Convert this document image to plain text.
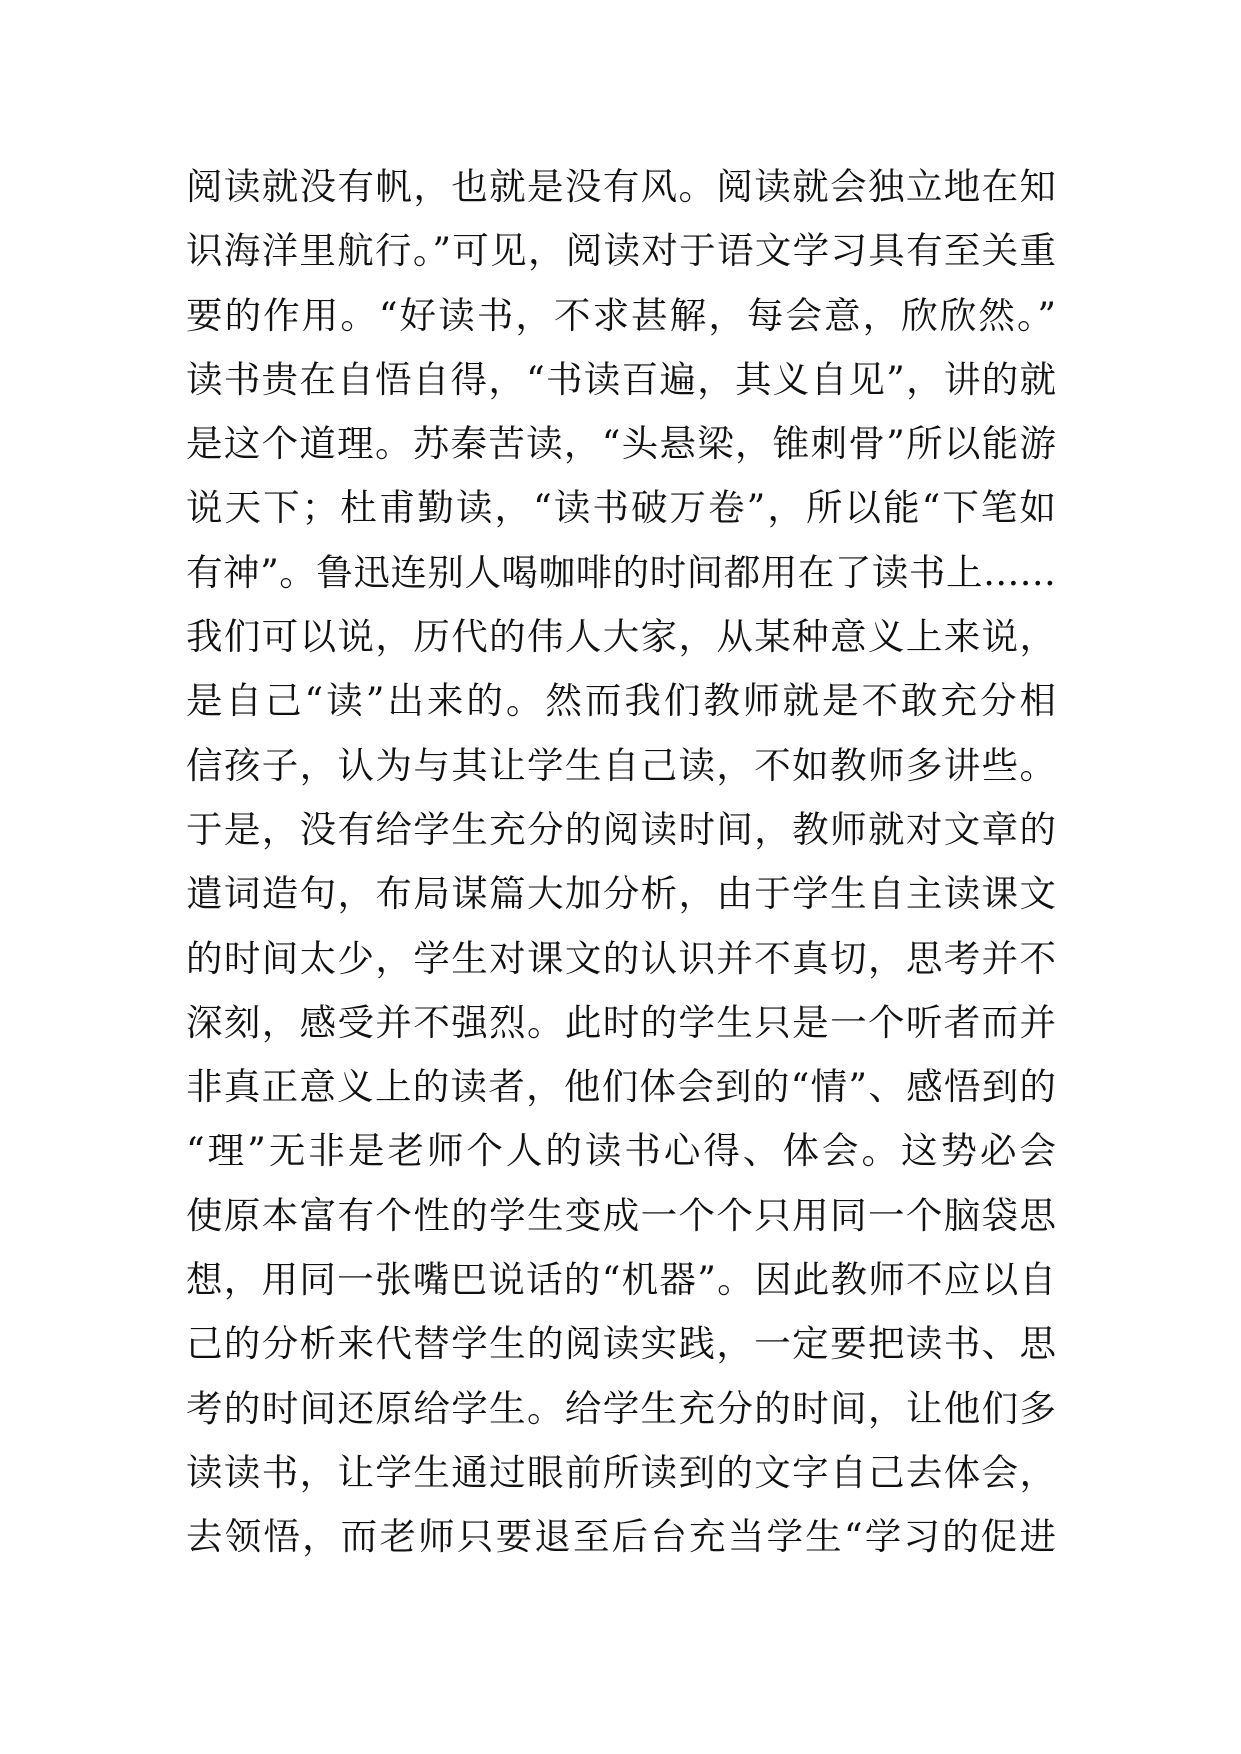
阅读就没有帆，也就是没有风。阅读就会独立地在知
识海洋里航行。”可见，阅读对于语文学习具有至关重
要的作用。“好读书，不求甚解，每会意，欣欣然。”
读书贵在自悟自得，“书读百遍，其义自见”，讲的就
是这个道理。苏秦苦读，“头悬梁，锥刺骨”所以能游
说天下；杜甫勤读，“读书破万卷”，所以能“下笔如
有神”。鲁迅连别人喝咖啡的时间都用在了读书上……
我们可以说，历代的伟人大家，从某种意义上来说，
是自己“读”出来的。然而我们教师就是不敢充分相
信孩子，认为与其让学生自己读，不如教师多讲些。
于是，没有给学生充分的阅读时间，教师就对文章的
遣词造句，布局谋篇大加分析，由于学生自主读课文
的时间太少，学生对课文的认识并不真切，思考并不
深刻，感受并不强烈。此时的学生只是一个听者而并
非真正意义上的读者，他们体会到的“情”、感悟到的
“理”无非是老师个人的读书心得、体会。这势必会
使原本富有个性的学生变成一个个只用同一个脑袋思
想，用同一张嘴巴说话的“机器”。因此教师不应以自
己的分析来代替学生的阅读实践，一定要把读书、思
考的时间还原给学生。给学生充分的时间，让他们多
读读书，让学生通过眼前所读到的文字自己去体会，
去领悟，而老师只要退至后台充当学生“学习的促进
